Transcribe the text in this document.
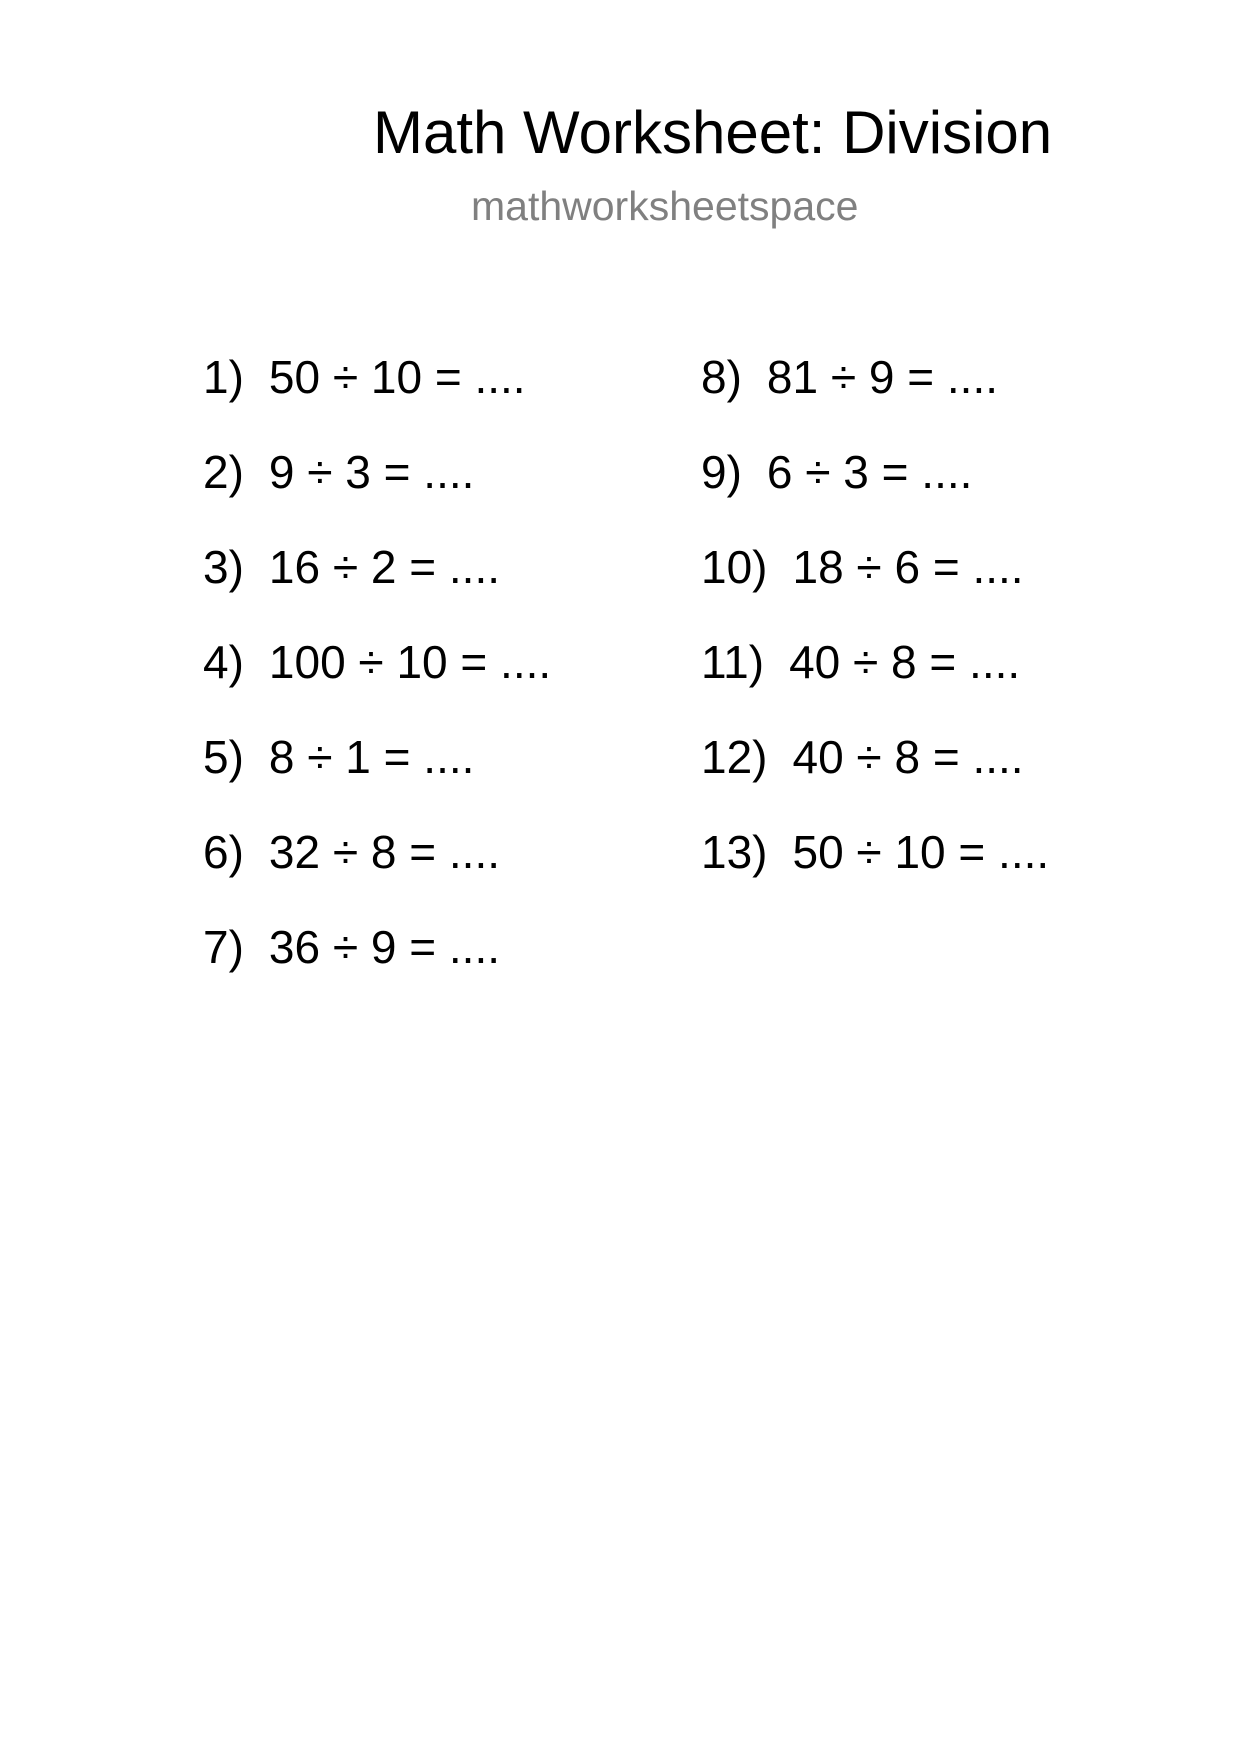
Math Worksheet: Division
mathworksheetspace
1) 50 ÷ 10 = ....
2) 9 ÷ 3 = ....
3) 16 ÷ 2 = ....
4) 100 ÷ 10 = ....
5) 8 ÷ 1 = ....
6) 32 ÷ 8 = ....
7) 36 ÷ 9 = ....
8) 81 ÷ 9 = ....
9) 6 ÷ 3 = ....
10) 18 ÷ 6 = ....
11) 40 ÷ 8 = ....
12) 40 ÷ 8 = ....
13) 50 ÷ 10 = ....
